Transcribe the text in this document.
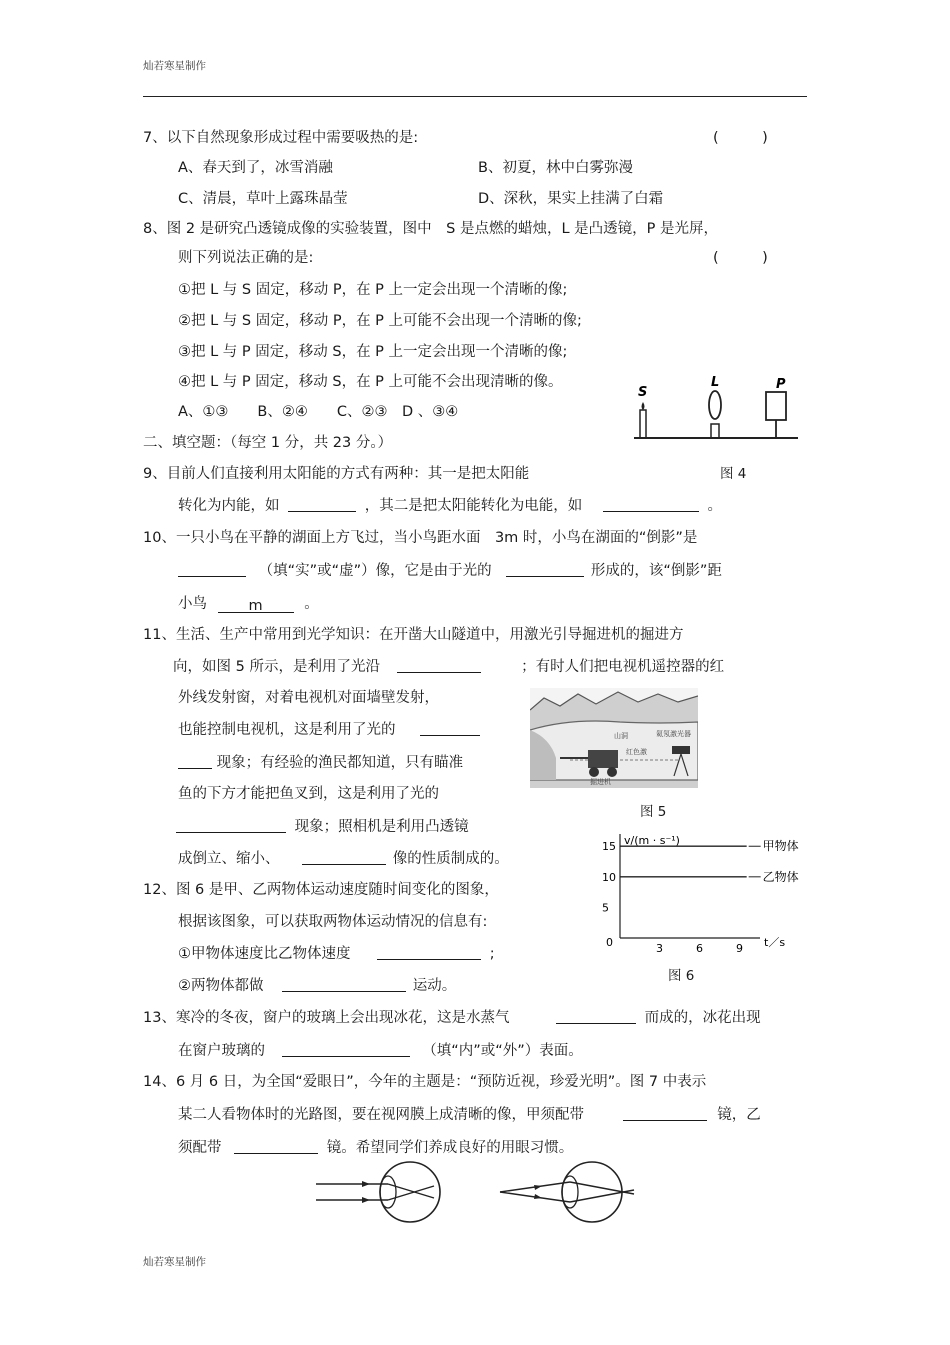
灿若寒星制作
灿若寒星制作
7、以下自然现象形成过程中需要吸热的是:	(　　　)
A、春天到了，冰雪消融	B、初夏，林中白雾弥漫
C、清晨，草叶上露珠晶莹	D、深秋，果实上挂满了白霜
8、图 2 是研究凸透镜成像的实验装置，图中　S 是点燃的蜡烛，L 是凸透镜，P 是光屏，
则下列说法正确的是:	(　　　)
①把 L 与 S 固定，移动 P，在 P 上一定会出现一个清晰的像;
②把 L 与 S 固定，移动 P，在 P 上可能不会出现一个清晰的像;
③把 L 与 P 固定，移动 S，在 P 上一定会出现一个清晰的像;
④把 L 与 P 固定，移动 S，在 P 上可能不会出现清晰的像。
A、①③　　B、②④　　C、②③　D 、③④
S
L	P
二、填空题：（每空 1 分，共 23 分。）
图 4
9、目前人们直接利用太阳能的方式有两种：其一是把太阳能
转化为内能，如	，其二是把太阳能转化为电能，如	。
10、一只小鸟在平静的湖面上方飞过，当小鸟距水面　3m 时，小鸟在湖面的“倒影”是
（填“实”或“虚”）像，它是由于光的	形成的，该“倒影”距
小鸟	m	。
11、生活、生产中常用到光学知识：在开凿大山隧道中，用激光引导掘进机的掘进方
向，如图 5 所示，是利用了光沿	；有时人们把电视机遥控器的红
外线发射窗，对着电视机对面墙壁发射，
也能控制电视机，这是利用了光的
现象；有经验的渔民都知道，只有瞄准
鱼的下方才能把鱼叉到，这是利用了光的
现象；照相机是利用凸透镜
成倒立、缩小、	像的性质制成的。
山洞
红色激
掘进机
氦氖激光器
图 5
v/(m · s⁻¹)
t／s
0	3	6	9
5
10
15	甲物体
乙物体
图 6
12、图 6 是甲、乙两物体运动速度随时间变化的图象，
根据该图象，可以获取两物体运动情况的信息有:
①甲物体速度比乙物体速度	;
②两物体都做	运动。
13、寒冷的冬夜，窗户的玻璃上会出现冰花，这是水蒸气	而成的，冰花出现
在窗户玻璃的	（填“内”或“外”）表面。
14、6 月 6 日，为全国“爱眼日”，今年的主题是：“预防近视，珍爱光明”。图 7 中表示
某二人看物体时的光路图，要在视网膜上成清晰的像，甲须配带	镜，乙
须配带	镜。希望同学们养成良好的用眼习惯。
